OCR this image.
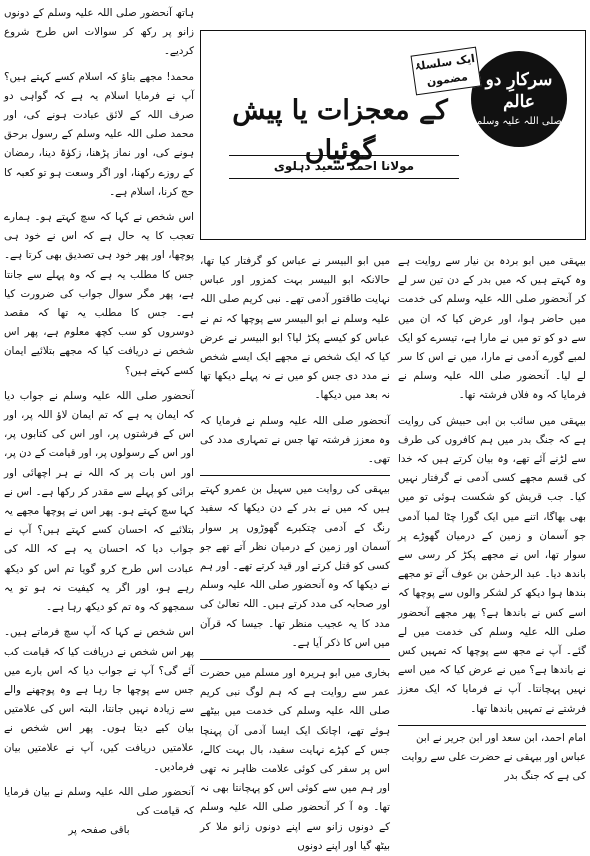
سرکارِ دو عالم
صلی اللہ علیہ وسلم
ایک سلسلۂ مضمون
کے معجزات یا پیش گوئیاں
مولانا احمد سعید دہلوی

ہاتھ آنحضور صلی اللہ علیہ وسلم کے دونوں زانو پر رکھ کر سوالات اس طرح شروع کردیے۔

محمد! مجھے بتاؤ کہ اسلام کسے کہتے ہیں؟ آپ نے فرمایا اسلام یہ ہے کہ گواہی دو صرف اللہ کے لائق عبادت ہونے کی، اور محمد صلی اللہ علیہ وسلم کے رسول برحق ہونے کی، اور نماز پڑھنا، زکوٰۃ دینا، رمضان کے روزے رکھنا، اور اگر وسعت ہو تو کعبہ کا حج کرنا، اسلام ہے۔

اس شخص نے کہا کہ سچ کہتے ہو۔ ہمارے تعجب کا یہ حال ہے کہ اس نے خود ہی پوچھا، اور پھر خود ہی تصدیق بھی کرتا ہے۔ جس کا مطلب یہ ہے کہ وہ پہلے سے جانتا ہے، پھر مگر سوال جواب کی ضرورت کیا ہے۔ جس کا مطلب یہ تھا کہ مقصد دوسروں کو سب کچھ معلوم ہے، پھر اس شخص نے دریافت کیا کہ مجھے بتلائیے ایمان کسے کہتے ہیں؟

آنحضور صلی اللہ علیہ وسلم نے جواب دیا کہ ایمان یہ ہے کہ تم ایمان لاؤ اللہ پر، اور اس کے فرشتوں پر، اور اس کی کتابوں پر، اور اس کے رسولوں پر، اور قیامت کے دن پر، اور اس بات پر کہ اللہ نے ہر اچھائی اور برائی کو پہلے سے مقدر کر رکھا ہے۔ اس نے کہا سچ کہتے ہو۔ پھر اس نے پوچھا مجھے یہ بتلائیے کہ احسان کسے کہتے ہیں؟ آپ نے جواب دیا کہ احسان یہ ہے کہ اللہ کی عبادت اس طرح کرو گویا تم اس کو دیکھ رہے ہو، اور اگر یہ کیفیت نہ ہو تو یہ سمجھو کہ وہ تم کو دیکھ رہا ہے۔

اس شخص نے کہا کہ آپ سچ فرماتے ہیں۔ پھر اس شخص نے دریافت کیا کہ قیامت کب آئے گی؟ آپ نے جواب دیا کہ اس بارے میں جس سے پوچھا جا رہا ہے وہ پوچھنے والے سے زیادہ نہیں جانتا، البتہ اس کی علامتیں بیان کیے دیتا ہوں۔ پھر اس شخص نے علامتیں دریافت کیں، آپ نے علامتیں بیان فرمادیں۔

آنحضور صلی اللہ علیہ وسلم نے بیان فرمایا کہ قیامت کی

باقی صفحہ پر

میں ابو البیسر نے عباس کو گرفتار کیا تھا، حالانکہ ابو البیسر بہت کمزور اور عباس نہایت طاقتور آدمی تھے۔ نبی کریم صلی اللہ علیہ وسلم نے ابو البیسر سے پوچھا کہ تم نے عباس کو کیسے پکڑ لیا؟ ابو البیسر نے عرض کیا کہ ایک شخص نے مجھے ایک ایسے شخص نے مدد دی جس کو میں نے نہ پہلے دیکھا تھا نہ بعد میں دیکھا۔

آنحضور صلی اللہ علیہ وسلم نے فرمایا کہ وہ معزز فرشتہ تھا جس نے تمہاری مدد کی تھی۔

بیہقی کی روایت میں سہیل بن عمرو کہتے ہیں کہ میں نے بدر کے دن دیکھا کہ سفید رنگ کے آدمی چتکبرے گھوڑوں پر سوار آسمان اور زمین کے درمیان نظر آتے تھے جو کسی کو قتل کرتے اور قید کرتے تھے۔ اور ہم نے دیکھا کہ وہ آنحضور صلی اللہ علیہ وسلم اور صحابہ کی مدد کرتے ہیں۔ اللہ تعالیٰ کی مدد کا یہ عجیب منظر تھا۔ جیسا کہ قرآن میں اس کا ذکر آیا ہے۔

بخاری میں ابو ہریرہ اور مسلم میں حضرت عمر سے روایت ہے کہ ہم لوگ نبی کریم صلی اللہ علیہ وسلم کی خدمت میں بیٹھے ہوئے تھے، اچانک ایک ایسا آدمی آن پہنچا جس کے کپڑے نہایت سفید، بال بہت کالے، اس پر سفر کی کوئی علامت ظاہر نہ تھی اور ہم میں سے کوئی اس کو پہچانتا بھی نہ تھا۔ وہ آ کر آنحضور صلی اللہ علیہ وسلم کے دونوں زانو سے اپنے دونوں زانو ملا کر بیٹھ گیا اور اپنے دونوں

بیہقی میں ابو بردہ بن نیار سے روایت ہے وہ کہتے ہیں کہ میں بدر کے دن تین سر لے کر آنحضور صلی اللہ علیہ وسلم کی خدمت میں حاضر ہوا، اور عرض کیا کہ ان میں سے دو کو تو میں نے مارا ہے، تیسرے کو ایک لمبے گورے آدمی نے مارا، میں نے اس کا سر لے لیا۔ آنحضور صلی اللہ علیہ وسلم نے فرمایا کہ وہ فلاں فرشتہ تھا۔

بیہقی میں سائب بن ابی حبیش کی روایت ہے کہ جنگ بدر میں ہم کافروں کی طرف سے لڑنے آئے تھے، وہ بیان کرتے ہیں کہ خدا کی قسم مجھے کسی آدمی نے گرفتار نہیں کیا۔ جب قریش کو شکست ہوئی تو میں بھی بھاگا، اتنے میں ایک گورا چٹا لمبا آدمی جو آسمان و زمین کے درمیان گھوڑے پر سوار تھا، اس نے مجھے پکڑ کر رسی سے باندھ دیا۔ عبد الرحمٰن بن عوف آئے تو مجھے بندھا ہوا دیکھ کر لشکر والوں سے پوچھا کہ اسے کس نے باندھا ہے؟ پھر مجھے آنحضور صلی اللہ علیہ وسلم کی خدمت میں لے گئے۔ آپ نے مجھ سے پوچھا کہ تمہیں کس نے باندھا ہے؟ میں نے عرض کیا کہ میں اسے نہیں پہچانتا۔ آپ نے فرمایا کہ ایک معزز فرشتے نے تمہیں باندھا تھا۔

امام احمد، ابن سعد اور ابن جریر نے ابن عباس اور بیہقی نے حضرت علی سے روایت کی ہے کہ جنگ بدر
